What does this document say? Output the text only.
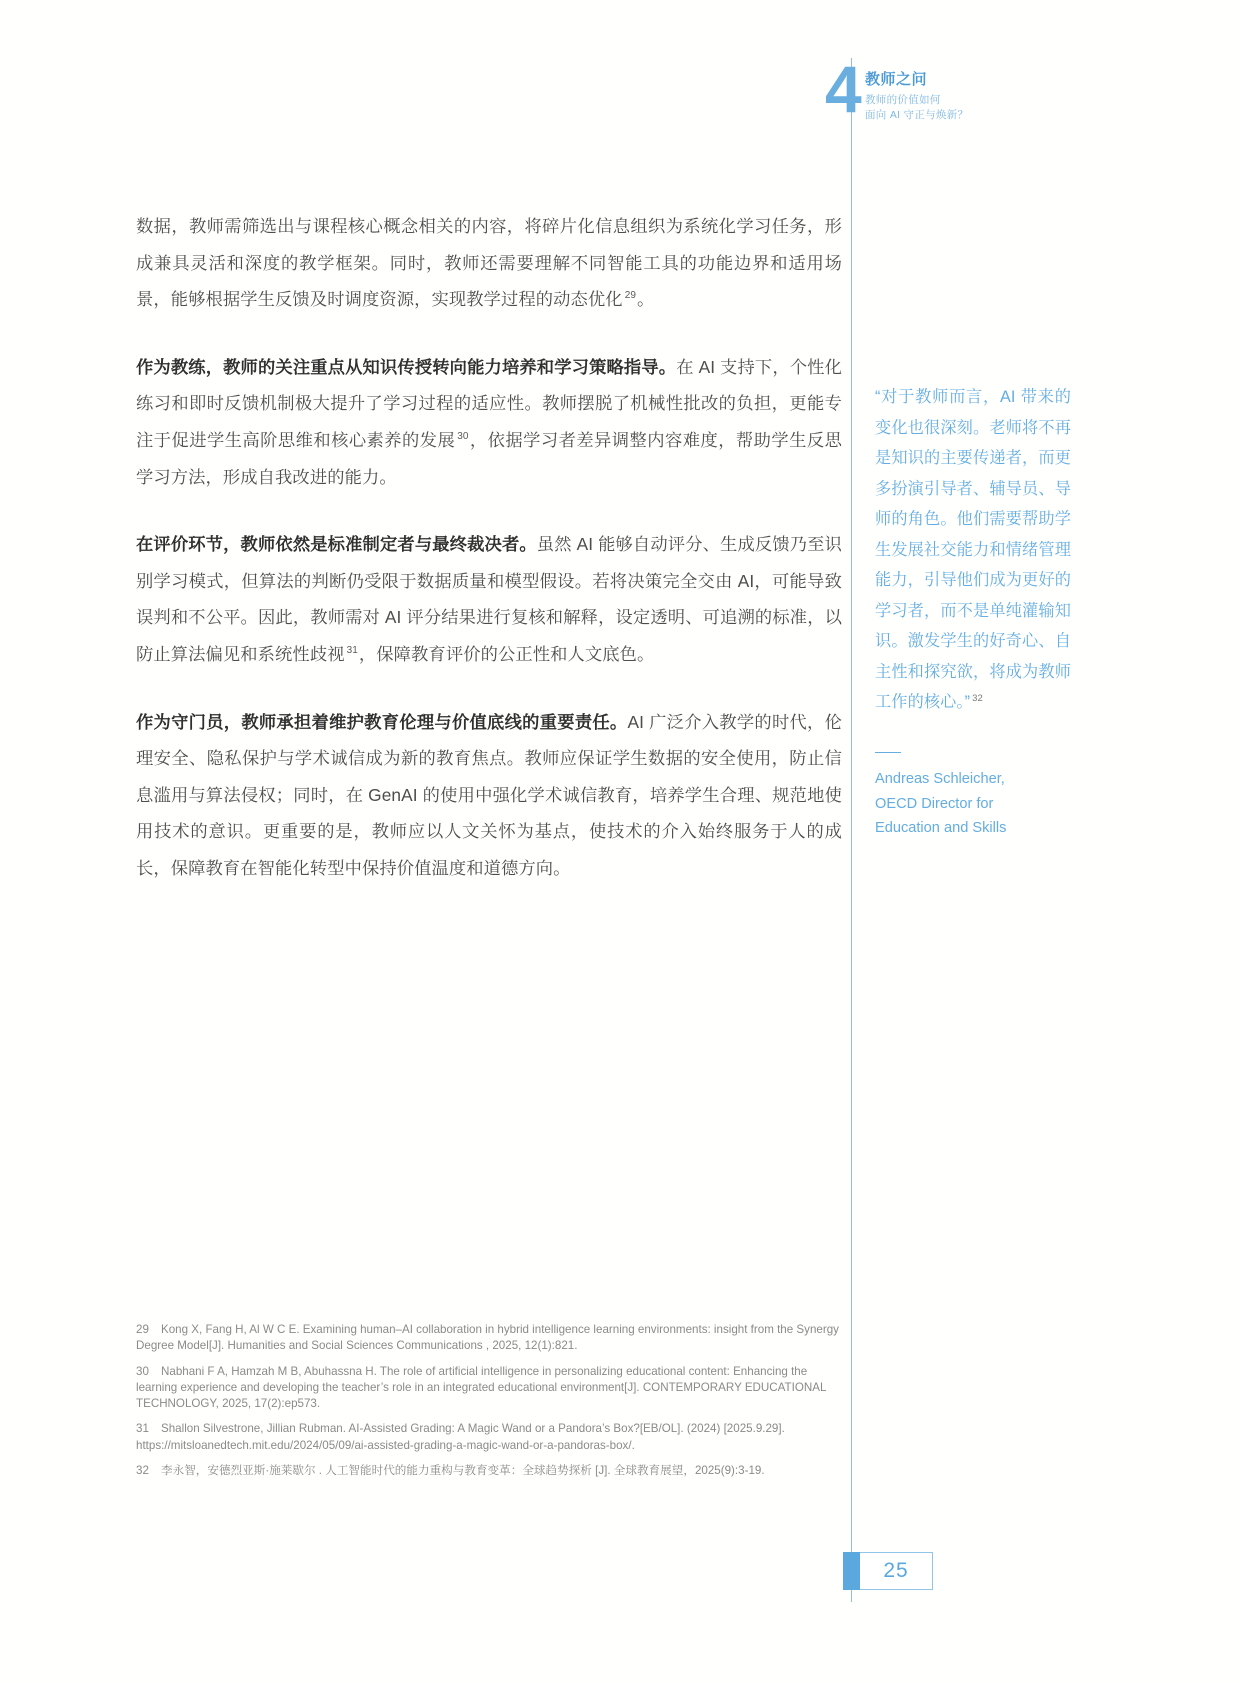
4 教师之问
教师的价值如何
面向 AI 守正与焕新？

数据，教师需筛选出与课程核心概念相关的内容，将碎片化信息组织为系统化学习任务，形成兼具灵活和深度的教学框架。同时，教师还需要理解不同智能工具的功能边界和适用场景，能够根据学生反馈及时调度资源，实现教学过程的动态优化 $^{29}$。

作为教练，教师的关注重点从知识传授转向能力培养和学习策略指导。在 AI 支持下，个性化练习和即时反馈机制极大提升了学习过程的适应性。教师摆脱了机械性批改的负担，更能专注于促进学生高阶思维和核心素养的发展 $^{30}$，依据学习者差异调整内容难度，帮助学生反思学习方法，形成自我改进的能力。

在评价环节，教师依然是标准制定者与最终裁决者。虽然 AI 能够自动评分、生成反馈乃至识别学习模式，但算法的判断仍受限于数据质量和模型假设。若将决策完全交由 AI，可能导致误判和不公平。因此，教师需对 AI 评分结果进行复核和解释，设定透明、可追溯的标准，以防止算法偏见和系统性歧视 $^{31}$，保障教育评价的公正性和人文底色。

作为守门员，教师承担着维护教育伦理与价值底线的重要责任。AI 广泛介入教学的时代，伦理安全、隐私保护与学术诚信成为新的教育焦点。教师应保证学生数据的安全使用，防止信息滥用与算法侵权；同时，在 GenAI 的使用中强化学术诚信教育，培养学生合理、规范地使用技术的意识。更重要的是，教师应以人文关怀为基点，使技术的介入始终服务于人的成长，保障教育在智能化转型中保持价值温度和道德方向。

“对于教师而言，AI 带来的变化也很深刻。老师将不再是知识的主要传递者，而更多扮演引导者、辅导员、导师的角色。他们需要帮助学生发展社交能力和情绪管理能力，引导他们成为更好的学习者，而不是单纯灌输知识。激发学生的好奇心、自主性和探究欲，将成为教师工作的核心。” $^{32}$
Andreas Schleicher,
OECD Director for
Education and Skills
29 Kong X, Fang H, Al W C E. Examining human–AI collaboration in hybrid intelligence learning environments: insight from the Synergy Degree Model[J]. Humanities and Social Sciences Communications , 2025, 12(1):821.
30 Nabhani F A, Hamzah M B, Abuhassna H. The role of artificial intelligence in personalizing educational content: Enhancing the learning experience and developing the teacher’s role in an integrated educational environment[J]. CONTEMPORARY EDUCATIONAL TECHNOLOGY, 2025, 17(2):ep573.
31 Shallon Silvestrone, Jillian Rubman. AI-Assisted Grading: A Magic Wand or a Pandora’s Box?[EB/OL]. (2024) [2025.9.29]. https://mitsloanedtech.mit.edu/2024/05/09/ai-assisted-grading-a-magic-wand-or-a-pandoras-box/.
32 李永智，安德烈亚斯·施莱歇尔 . 人工智能时代的能力重构与教育变革：全球趋势探析 [J]. 全球教育展望，2025(9):3-19.
25
